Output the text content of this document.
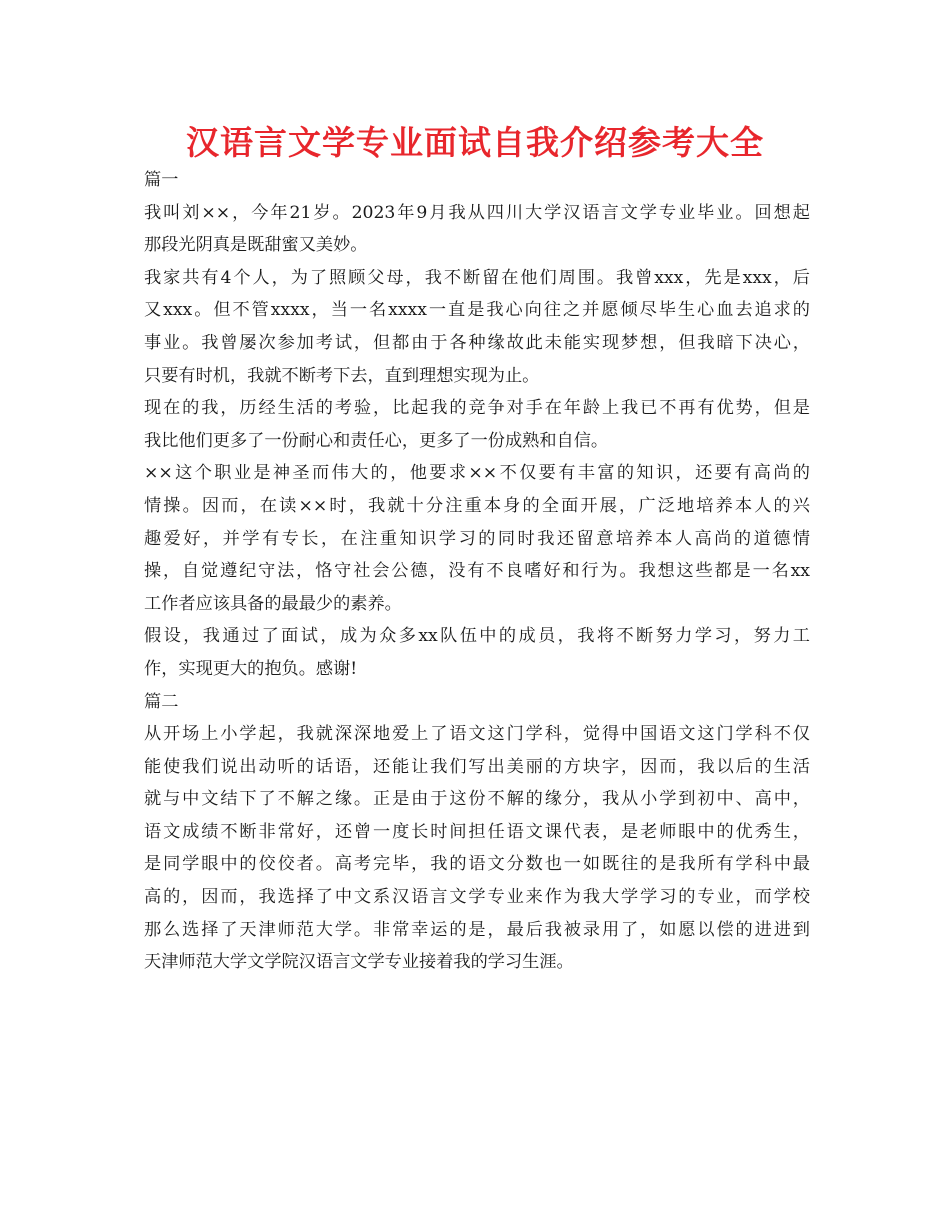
汉语言文学专业面试自我介绍参考大全
篇一
我叫刘××，今年21岁。2023年9月我从四川大学汉语言文学专业毕业。回想起
那段光阴真是既甜蜜又美妙。
我家共有4个人，为了照顾父母，我不断留在他们周围。我曾xxx，先是xxx，后
又xxx。但不管xxxx，当一名xxxx一直是我心向往之并愿倾尽毕生心血去追求的
事业。我曾屡次参加考试，但都由于各种缘故此未能实现梦想，但我暗下决心，
只要有时机，我就不断考下去，直到理想实现为止。
现在的我，历经生活的考验，比起我的竞争对手在年龄上我已不再有优势，但是
我比他们更多了一份耐心和责任心，更多了一份成熟和自信。
××这个职业是神圣而伟大的，他要求××不仅要有丰富的知识，还要有高尚的
情操。因而，在读××时，我就十分注重本身的全面开展，广泛地培养本人的兴
趣爱好，并学有专长，在注重知识学习的同时我还留意培养本人高尚的道德情
操，自觉遵纪守法，恪守社会公德，没有不良嗜好和行为。我想这些都是一名xx
工作者应该具备的最最少的素养。
假设，我通过了面试，成为众多xx队伍中的成员，我将不断努力学习，努力工
作，实现更大的抱负。感谢!
篇二
从开场上小学起，我就深深地爱上了语文这门学科，觉得中国语文这门学科不仅
能使我们说出动听的话语，还能让我们写出美丽的方块字，因而，我以后的生活
就与中文结下了不解之缘。正是由于这份不解的缘分，我从小学到初中、高中，
语文成绩不断非常好，还曾一度长时间担任语文课代表，是老师眼中的优秀生，
是同学眼中的佼佼者。高考完毕，我的语文分数也一如既往的是我所有学科中最
高的，因而，我选择了中文系汉语言文学专业来作为我大学学习的专业，而学校
那么选择了天津师范大学。非常幸运的是，最后我被录用了，如愿以偿的进进到
天津师范大学文学院汉语言文学专业接着我的学习生涯。
